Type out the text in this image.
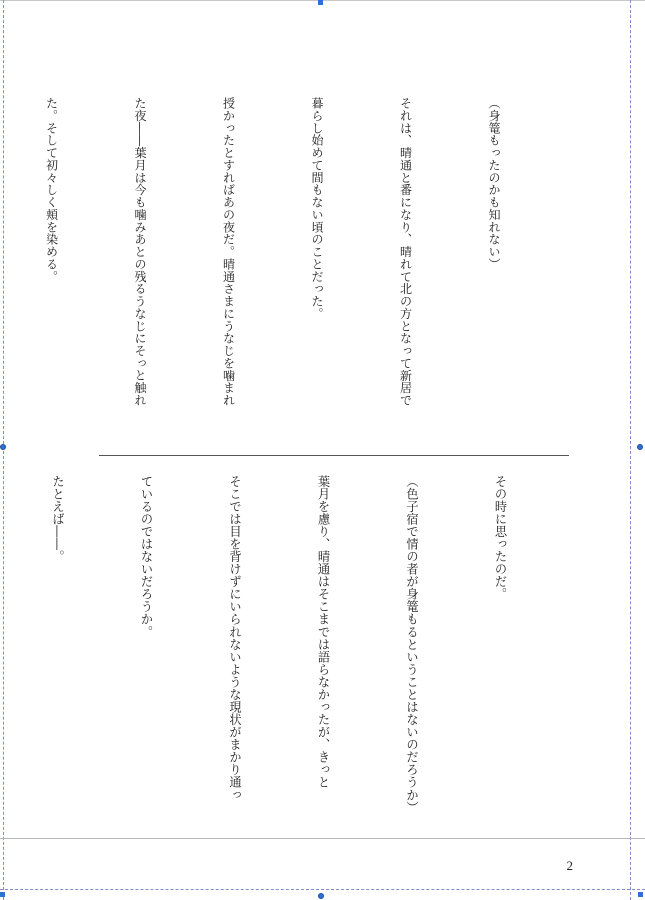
（身篭もったのかも知れない）

それは、晴通と番になり、晴れて北の方となって新居で

暮らし始めて間もない頃のことだった。

授かったとすればあの夜だ。晴通さまにうなじを噛まれ

た夜――葉月は今も噛みあとの残るうなじにそっと触れ

た。そして初々しく頬を染める。

その時に思ったのだ。

（色子宿で情の者が身篭もるということはないのだろうか）

葉月を慮り、晴通はそこまでは語らなかったが、きっと

そこでは目を背けずにいられないような現状がまかり通っ

ているのではないだろうか。

たとえば――。

2
